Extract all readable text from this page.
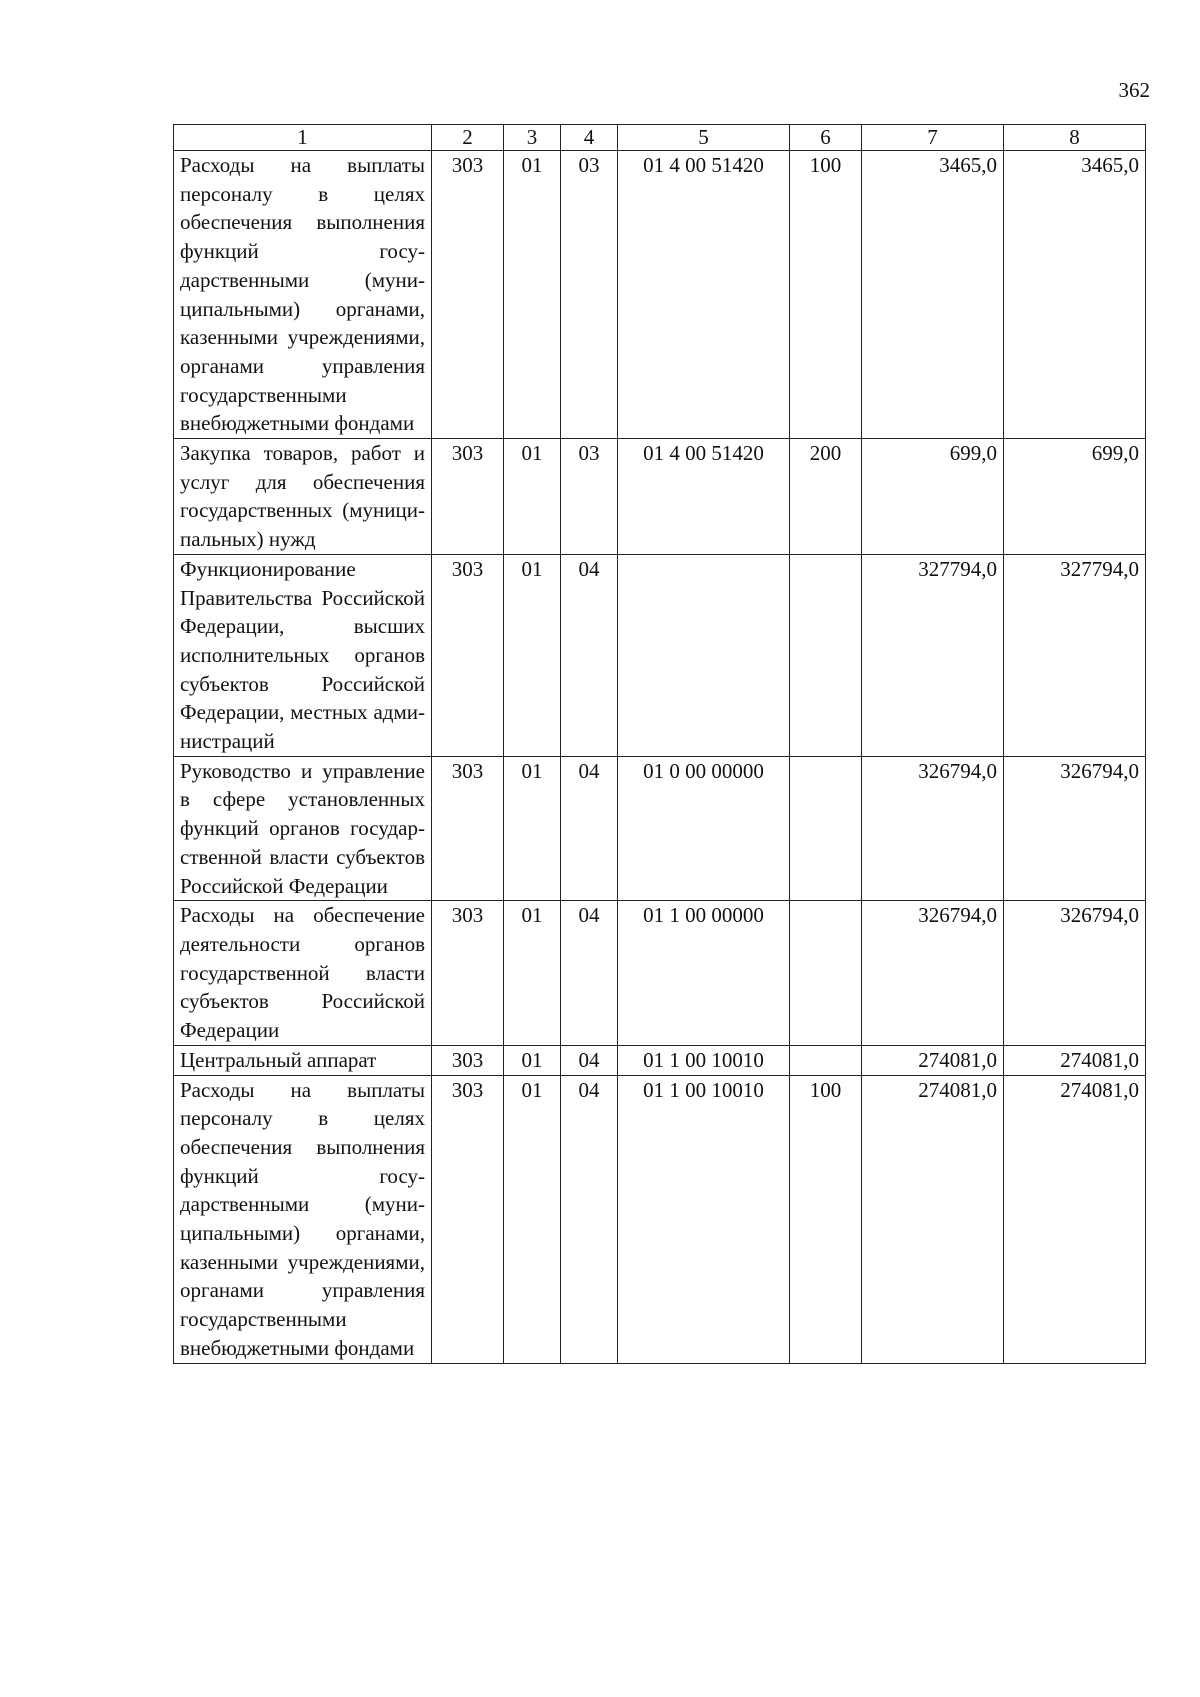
362
1	2	3	4	5	6	7	8
Расходы на выплаты персоналу в целях обеспечения выполнения функций государственными (муниципальными) органами, казенными учреждениями, органами управления государственными внебюджетными фондами	303	01	03	01 4 00 51420	100	3465,0	3465,0
Закупка товаров, работ и услуг для обеспечения государственных (муниципальных) нужд	303	01	03	01 4 00 51420	200	699,0	699,0
Функционирование Правительства Российской Федерации, высших исполнительных органов субъектов Российской Федерации, местных администраций	303	01	04			327794,0	327794,0
Руководство и управление в сфере установленных функций органов государственной власти субъектов Российской Федерации	303	01	04	01 0 00 00000		326794,0	326794,0
Расходы на обеспечение деятельности органов государственной власти субъектов Российской Федерации	303	01	04	01 1 00 00000		326794,0	326794,0
Центральный аппарат	303	01	04	01 1 00 10010		274081,0	274081,0
Расходы на выплаты персоналу в целях обеспечения выполнения функций государственными (муниципальными) органами, казенными учреждениями, органами управления государственными внебюджетными фондами	303	01	04	01 1 00 10010	100	274081,0	274081,0
